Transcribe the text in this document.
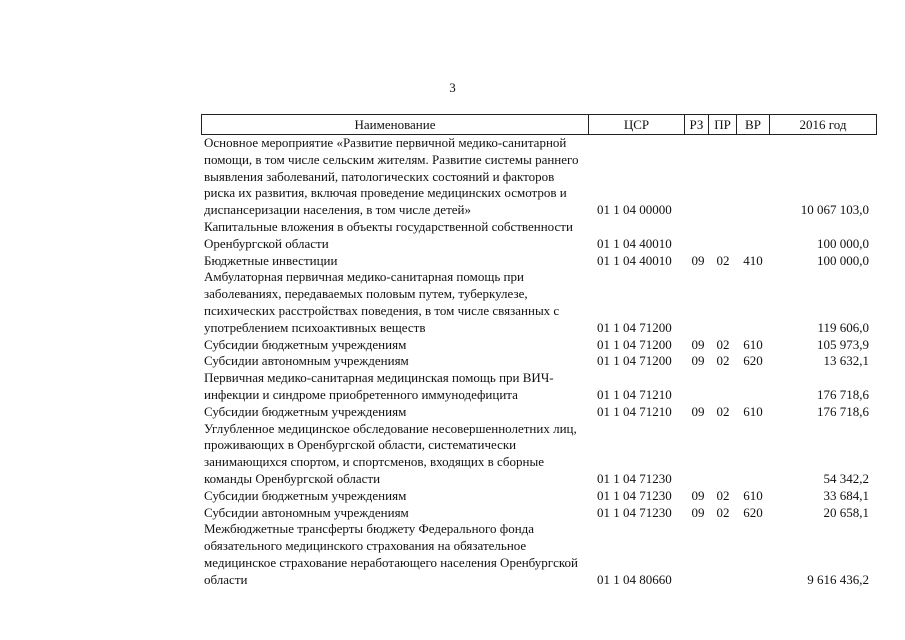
3
Наименование	ЦСР	РЗ ПР	ВР	2016 год
Основное мероприятие «Развитие первичной медико-санитарной
помощи, в том числе сельским жителям. Развитие системы раннего
выявления заболеваний, патологических состояний и факторов
риска их развития, включая проведение медицинских осмотров и
диспансеризации населения, в том числе детей»	01 1 04 00000	10 067 103,0
Капитальные вложения в объекты государственной собственности
Оренбургской области	01 1 04 40010	100 000,0
Бюджетные инвестиции	01 1 04 40010	09 02	410	100 000,0
Амбулаторная первичная медико-санитарная помощь при
заболеваниях, передаваемых половым путем, туберкулезе,
психических расстройствах поведения, в том числе связанных с
употреблением психоактивных веществ	01 1 04 71200	119 606,0
Субсидии бюджетным учреждениям	01 1 04 71200	09 02	610	105 973,9
Субсидии автономным учреждениям	01 1 04 71200	09 02	620	13 632,1
Первичная медико-санитарная медицинская помощь при ВИЧ-
инфекции и синдроме приобретенного иммунодефицита	01 1 04 71210	176 718,6
Субсидии бюджетным учреждениям	01 1 04 71210	09 02	610	176 718,6
Углубленное медицинское обследование несовершеннолетних лиц,
проживающих в Оренбургской области, систематически
занимающихся спортом, и спортсменов, входящих в сборные
команды Оренбургской области	01 1 04 71230	54 342,2
Субсидии бюджетным учреждениям	01 1 04 71230	09 02	610	33 684,1
Субсидии автономным учреждениям	01 1 04 71230	09 02	620	20 658,1
Межбюджетные трансферты бюджету Федерального фонда
обязательного медицинского страхования на обязательное
медицинское страхование неработающего населения Оренбургской
области	01 1 04 80660	9 616 436,2
